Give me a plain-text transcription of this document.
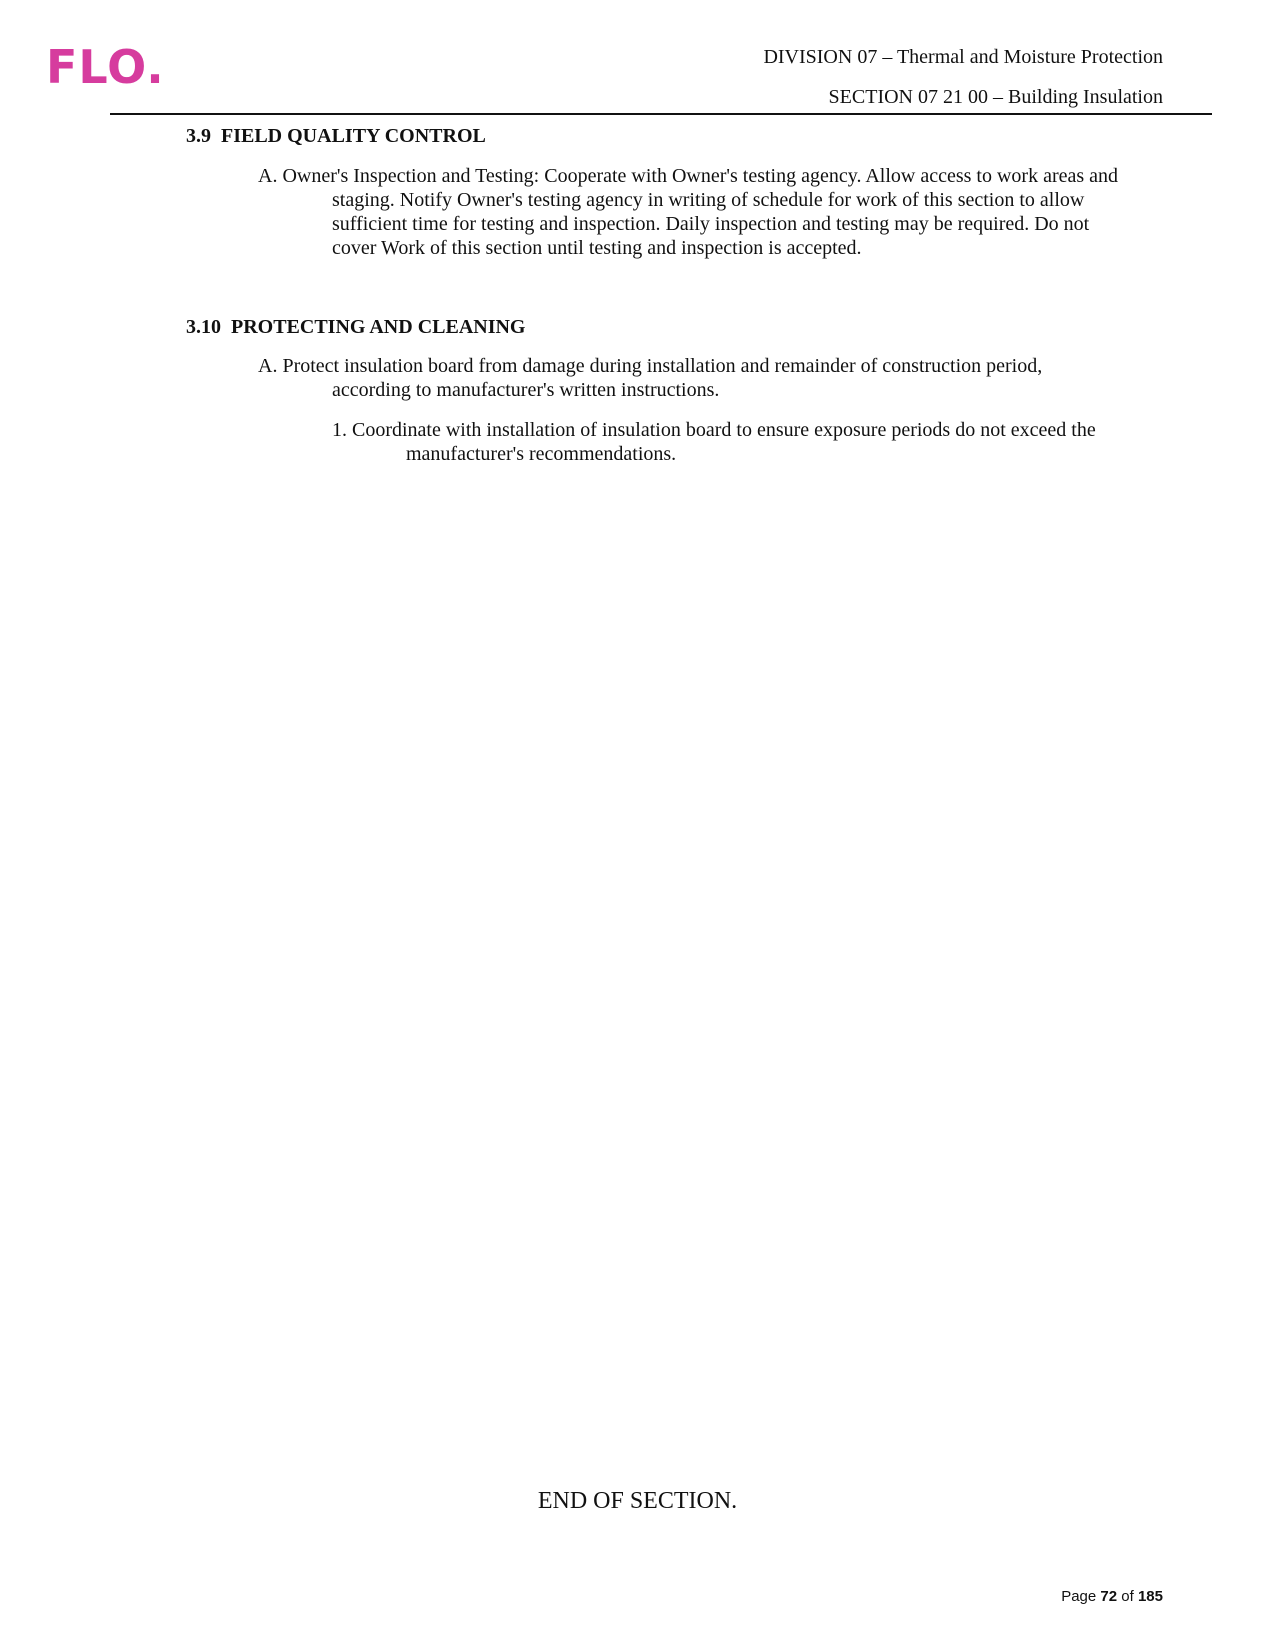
FLO.	DIVISION 07 – Thermal and Moisture Protection
SECTION 07 21 00 – Building Insulation
3.9 FIELD QUALITY CONTROL
A. Owner's Inspection and Testing: Cooperate with Owner's testing agency. Allow access to work areas and
staging. Notify Owner's testing agency in writing of schedule for work of this section to allow
sufficient time for testing and inspection. Daily inspection and testing may be required. Do not
cover Work of this section until testing and inspection is accepted.
3.10 PROTECTING AND CLEANING
A. Protect insulation board from damage during installation and remainder of construction period,
according to manufacturer's written instructions.
1. Coordinate with installation of insulation board to ensure exposure periods do not exceed the
manufacturer's recommendations.
END OF SECTION.
Page 72 of 185
